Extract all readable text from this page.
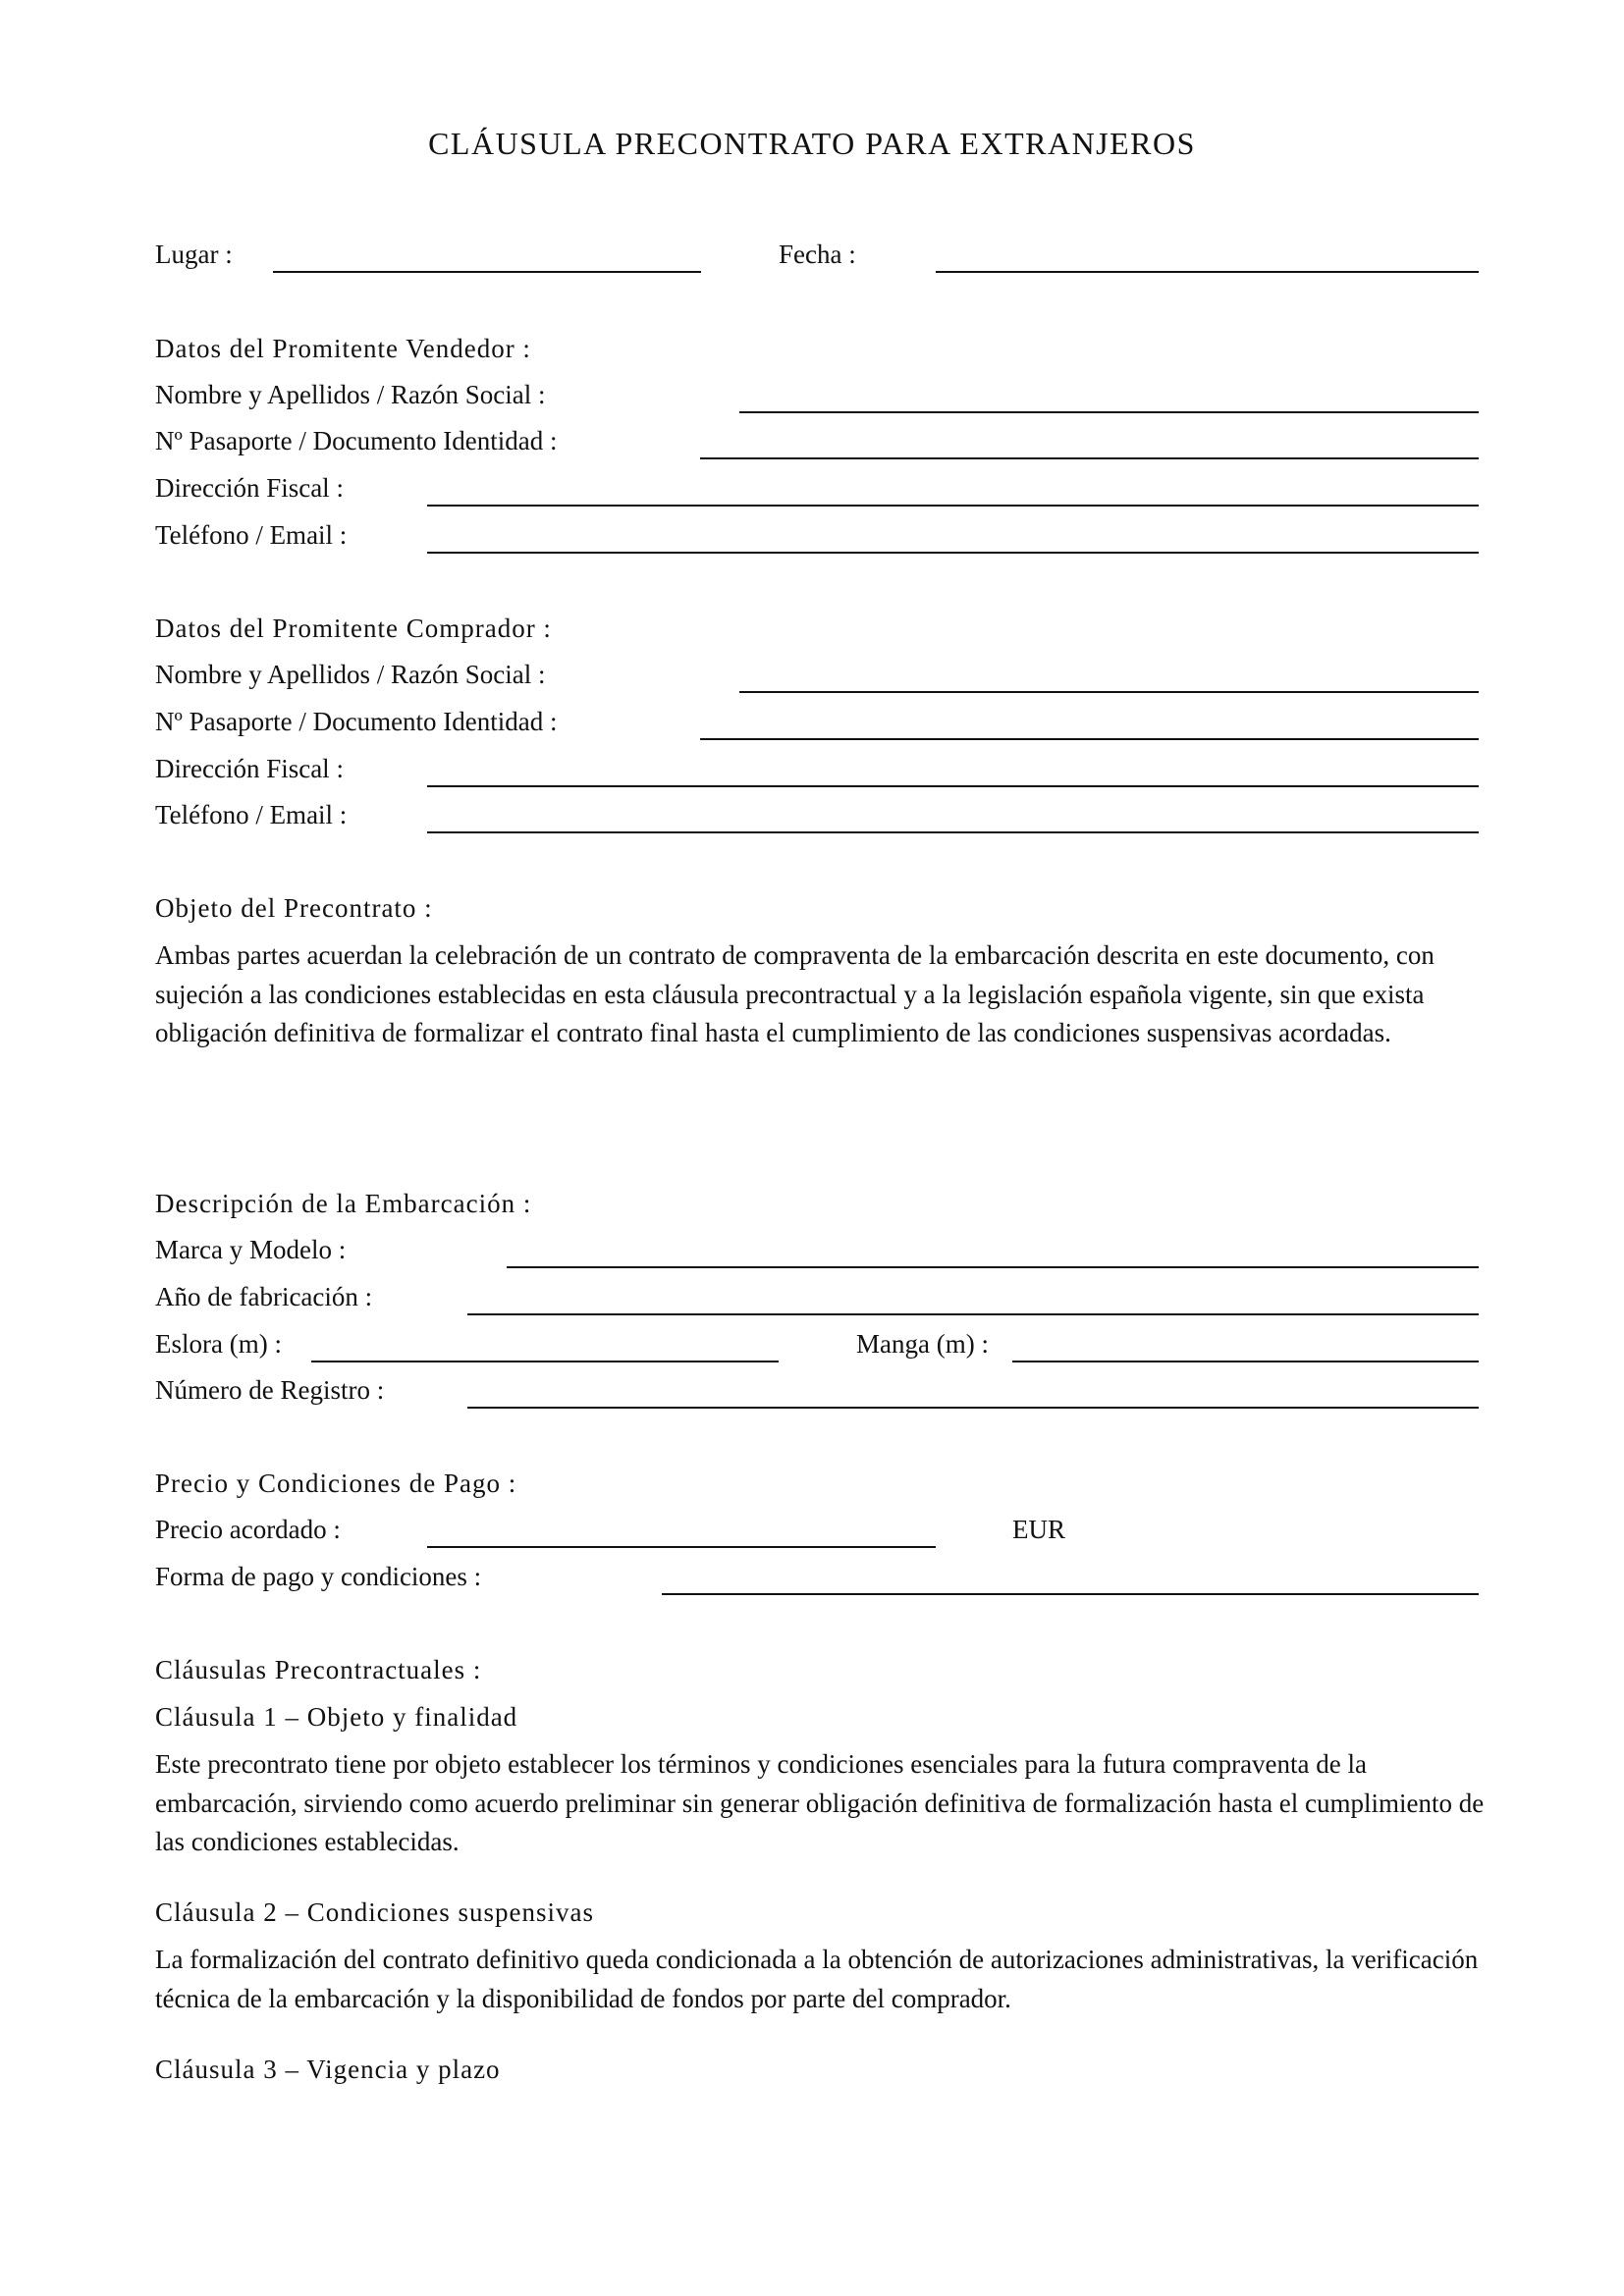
CLÁUSULA PRECONTRATO PARA EXTRANJEROS
Lugar :	Fecha :
Datos del Promitente Vendedor :
Nombre y Apellidos / Razón Social :
Nº Pasaporte / Documento Identidad :
Dirección Fiscal :
Teléfono / Email :
Datos del Promitente Comprador :
Nombre y Apellidos / Razón Social :
Nº Pasaporte / Documento Identidad :
Dirección Fiscal :
Teléfono / Email :
Objeto del Precontrato :
Ambas partes acuerdan la celebración de un contrato de compraventa de la embarcación descrita en este documento, con sujeción a las condiciones establecidas en esta cláusula precontractual y a la legislación española vigente, sin que exista obligación definitiva de formalizar el contrato final hasta el cumplimiento de las condiciones suspensivas acordadas.
Descripción de la Embarcación :
Marca y Modelo :
Año de fabricación :
Eslora (m) :	Manga (m) :
Número de Registro :
Precio y Condiciones de Pago :
Precio acordado :	EUR
Forma de pago y condiciones :
Cláusulas Precontractuales :
Cláusula 1 – Objeto y finalidad
Este precontrato tiene por objeto establecer los términos y condiciones esenciales para la futura compraventa de la embarcación, sirviendo como acuerdo preliminar sin generar obligación definitiva de formalización hasta el cumplimiento de las condiciones establecidas.
Cláusula 2 – Condiciones suspensivas
La formalización del contrato definitivo queda condicionada a la obtención de autorizaciones administrativas, la verificación técnica de la embarcación y la disponibilidad de fondos por parte del comprador.
Cláusula 3 – Vigencia y plazo
